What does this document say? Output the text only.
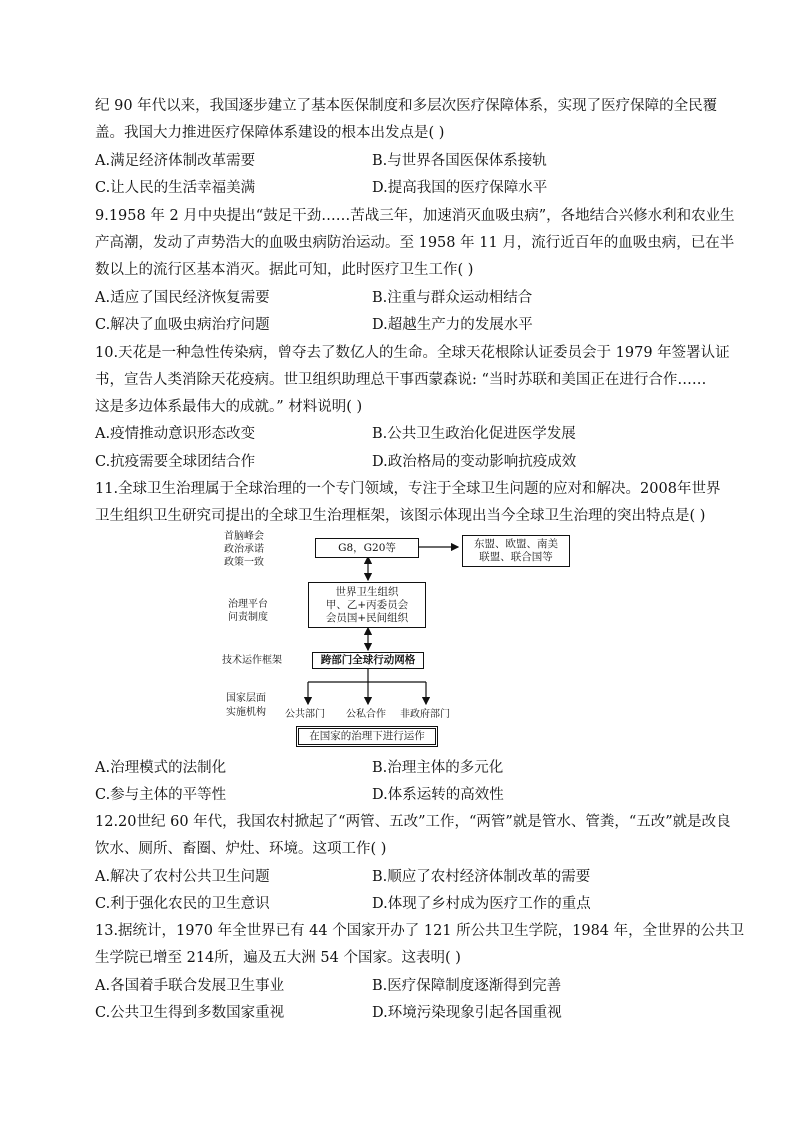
纪 90 年代以来，我国逐步建立了基本医保制度和多层次医疗保障体系，实现了医疗保障的全民覆
盖。我国大力推进医疗保障体系建设的根本出发点是( )
A.满足经济体制改革需要	B.与世界各国医保体系接轨
C.让人民的生活幸福美满	D.提高我国的医疗保障水平
9.1958 年 2 月中央提出“鼓足干劲……苦战三年，加速消灭血吸虫病”，各地结合兴修水利和农业生
产高潮，发动了声势浩大的血吸虫病防治运动。至 1958 年 11 月，流行近百年的血吸虫病，已在半
数以上的流行区基本消灭。据此可知，此时医疗卫生工作( )
A.适应了国民经济恢复需要	B.注重与群众运动相结合
C.解决了血吸虫病治疗问题	D.超越生产力的发展水平
10.天花是一种急性传染病，曾夺去了数亿人的生命。全球天花根除认证委员会于 1979 年签署认证
书，宣告人类消除天花疫病。世卫组织助理总干事西蒙森说: “当时苏联和美国正在进行合作……
这是多边体系最伟大的成就。” 材料说明( )
A.疫情推动意识形态改变	B.公共卫生政治化促进医学发展
C.抗疫需要全球团结合作	D.政治格局的变动影响抗疫成效
11.全球卫生治理属于全球治理的一个专门领域，专注于全球卫生问题的应对和解决。2008年世界
卫生组织卫生研究司提出的全球卫生治理框架，该图示体现出当今全球卫生治理的突出特点是( )
首脑峰会
政治承诺
政策一致
治理平台
问责制度
技术运作框架
国家层面
实施机构
G8，G20等	东盟、欧盟、南美
联盟、联合国等
世界卫生组织
甲、乙+丙委员会
会员国+民间组织
跨部门全球行动网格
公共部门 公私合作 非政府部门
在国家的治理下进行运作
A.治理模式的法制化	B.治理主体的多元化
C.参与主体的平等性	D.体系运转的高效性
12.20世纪 60 年代，我国农村掀起了“两管、五改”工作，“两管”就是管水、管粪，“五改”就是改良
饮水、厕所、畜圈、炉灶、环境。这项工作( )
A.解决了农村公共卫生问题	B.顺应了农村经济体制改革的需要
C.利于强化农民的卫生意识	D.体现了乡村成为医疗工作的重点
13.据统计，1970 年全世界已有 44 个国家开办了 121 所公共卫生学院，1984 年，全世界的公共卫
生学院已增至 214所，遍及五大洲 54 个国家。这表明( )
A.各国着手联合发展卫生事业	B.医疗保障制度逐渐得到完善
C.公共卫生得到多数国家重视	D.环境污染现象引起各国重视
